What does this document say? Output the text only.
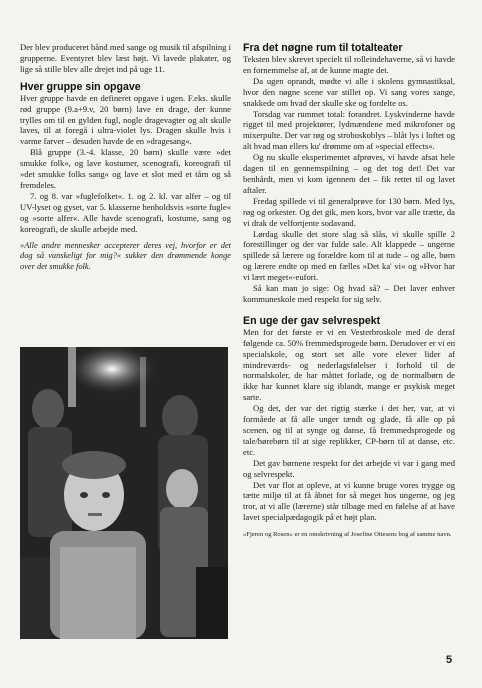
Der blev produceret bånd med sange og musik til afspilning i grupperne. Eventyret blev læst højt. Vi lavede plakater, og lige så stille blev alle drejet ind på uge 11.

Hver gruppe sin opgave

Hver gruppe havde en defineret opgave i ugen. F.eks. skulle rød gruppe (9.a+9.v, 20 børn) lave en drage, der kunne trylles om til en gylden fugl, nogle dragevagter og alt skulle laves, til at foregå i ultra-violet lys. Dragen skulle hvis i varme farver – desuden havde de en »dragesang«.

Blå gruppe (3.-4. klasse, 20 børn) skulle være »det smukke folk«, og lave kostumer, scenografi, koreografi til »det smukke folks sang« og lave et slot med et tårn og så fremdeles.

7. og 8. var »fuglefolket«. 1. og 2. kl. var alfer – og til UV-lyset og gyset, var 5. klasserne henholdsvis »sorte fugle« og »sorte alfer«. Alle havde scenografi, kostume, sang og koreografi, de skulle arbejde med.

»Alle andre mennesker accepterer deres vej, hvorfor er det dog så vanskeligt for mig?« sukker den drømmende konge over det smukke folk.

Fra det nøgne rum til totalteater

Teksten blev skrevet specielt til rolleindehaverne, så vi havde en fornemmelse af, at de kunne magte det.

Da ugen oprandt, mødte vi alle i skolens gymnastiksal, hvor den nøgne scene var stillet op. Vi sang vores sange, snakkede om hvad der skulle ske og fordelte os.

Torsdag var rummet total: forandret. Lyskvinderne havde rigget til med projektører, lydmændene med mikrofoner og mixerpulte. Der var røg og stroboskoblys – blåt lys i loftet og alt hvad man ellers ku' drømme om af »special effects«.

Og nu skulle eksperimentet afprøves, vi havde afsat hele dagen til en gennemspilning – og det tog det! Det var benhårdt, men vi kom igennem det – fik rettet til og lavet aftaler.

Fredag spillede vi til generalprøve for 130 børn. Med lys, røg og orkester. Og det gik, men kors, hvor var alle trætte, da vi drak de velfortjente sodavand.

Lørdag skulle det store slag så slås, vi skulle spille 2 forestillinger og der var fulde sale. Alt klappede – ungerne spillede så lærere og forældre kom til at tude – og alle, børn og lærere endte op med en fælles »Det ka' vi« og »Hvor har vi lært meget«-eufori.

Så kan man jo sige: Og hvad så? – Det laver enhver kommuneskole med respekt for sig selv.

En uge der gav selvrespekt

Men for det første er vi en Vesterbroskole med de deraf følgende ca. 50% fremmedsprogede børn. Derudover er vi en specialskole, og stort set alle vore elever lider af mindreværds- og nederlagsfølelser i forhold til de normalskoler, de har måttet forlade, og de normalbørn de ikke har kunnet klare sig iblandt, mange er psykisk meget sarte.

Og det, der var det rigtig stærke i det her, var, at vi formåede at få alle unger tændt og glade, få alle op på scenen, og til at synge og danse, få fremmedsprogede og tale/hørebørn til at sige replikker, CP-børn til at danse, etc. etc.

Det gav børnene respekt for det arbejde vi var i gang med og selvrespekt.

Det var flot at opleve, at vi kunne bruge vores trygge og tætte miljø til at få åbnet for så meget hos ungerne, og jeg tror, at vi alle (lærerne) står tilbage med en følelse af at have lavet specialpædagogik på et højt plan.

»Fjeren og Rosen« er en omskrivning af Josefine Ottesens bog af samme navn.

5
